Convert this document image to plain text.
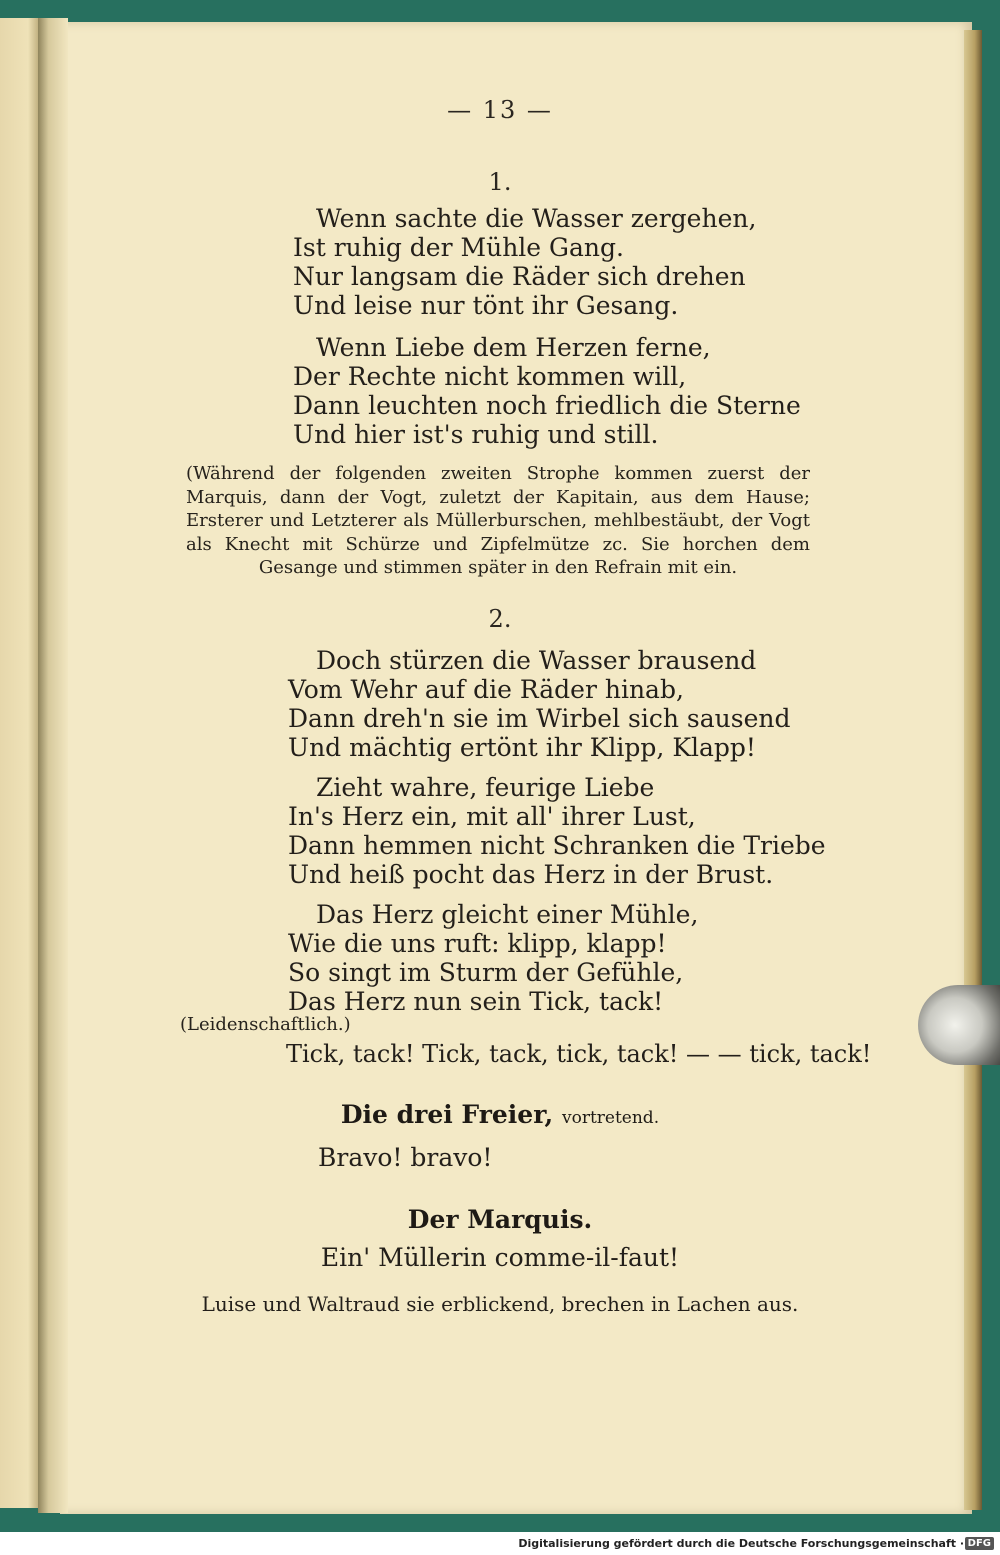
— 13 —
1.
Wenn sachte die Wasser zergehen,
Ist ruhig der Mühle Gang.
Nur langsam die Räder sich drehen
Und leise nur tönt ihr Gesang.
Wenn Liebe dem Herzen ferne,
Der Rechte nicht kommen will,
Dann leuchten noch friedlich die Sterne
Und hier ist's ruhig und still.
(Während der folgenden zweiten Strophe kommen zuerst der Marquis, dann der Vogt, zuletzt der Kapitain, aus dem Hause; Ersterer und Letzterer als Müllerburschen, mehlbestäubt, der Vogt als Knecht mit Schürze und Zipfelmütze zc. Sie horchen dem Gesange und stimmen später in den Refrain mit ein.
2.
Doch stürzen die Wasser brausend
Vom Wehr auf die Räder hinab,
Dann dreh'n sie im Wirbel sich sausend
Und mächtig ertönt ihr Klipp, Klapp!
Zieht wahre, feurige Liebe
In's Herz ein, mit all' ihrer Lust,
Dann hemmen nicht Schranken die Triebe
Und heiß pocht das Herz in der Brust.
Das Herz gleicht einer Mühle,
Wie die uns ruft: klipp, klapp!
So singt im Sturm der Gefühle,
Das Herz nun sein Tick, tack!
(Leidenschaftlich.)
Tick, tack! Tick, tack, tick, tack! — — tick, tack!
Die drei Freier, vortretend.
Bravo! bravo!
Der Marquis.
Ein' Müllerin comme-il-faut!
Luise und Waltraud sie erblickend, brechen in Lachen aus.
Digitalisierung gefördert durch die Deutsche Forschungsgemeinschaft · DFG
